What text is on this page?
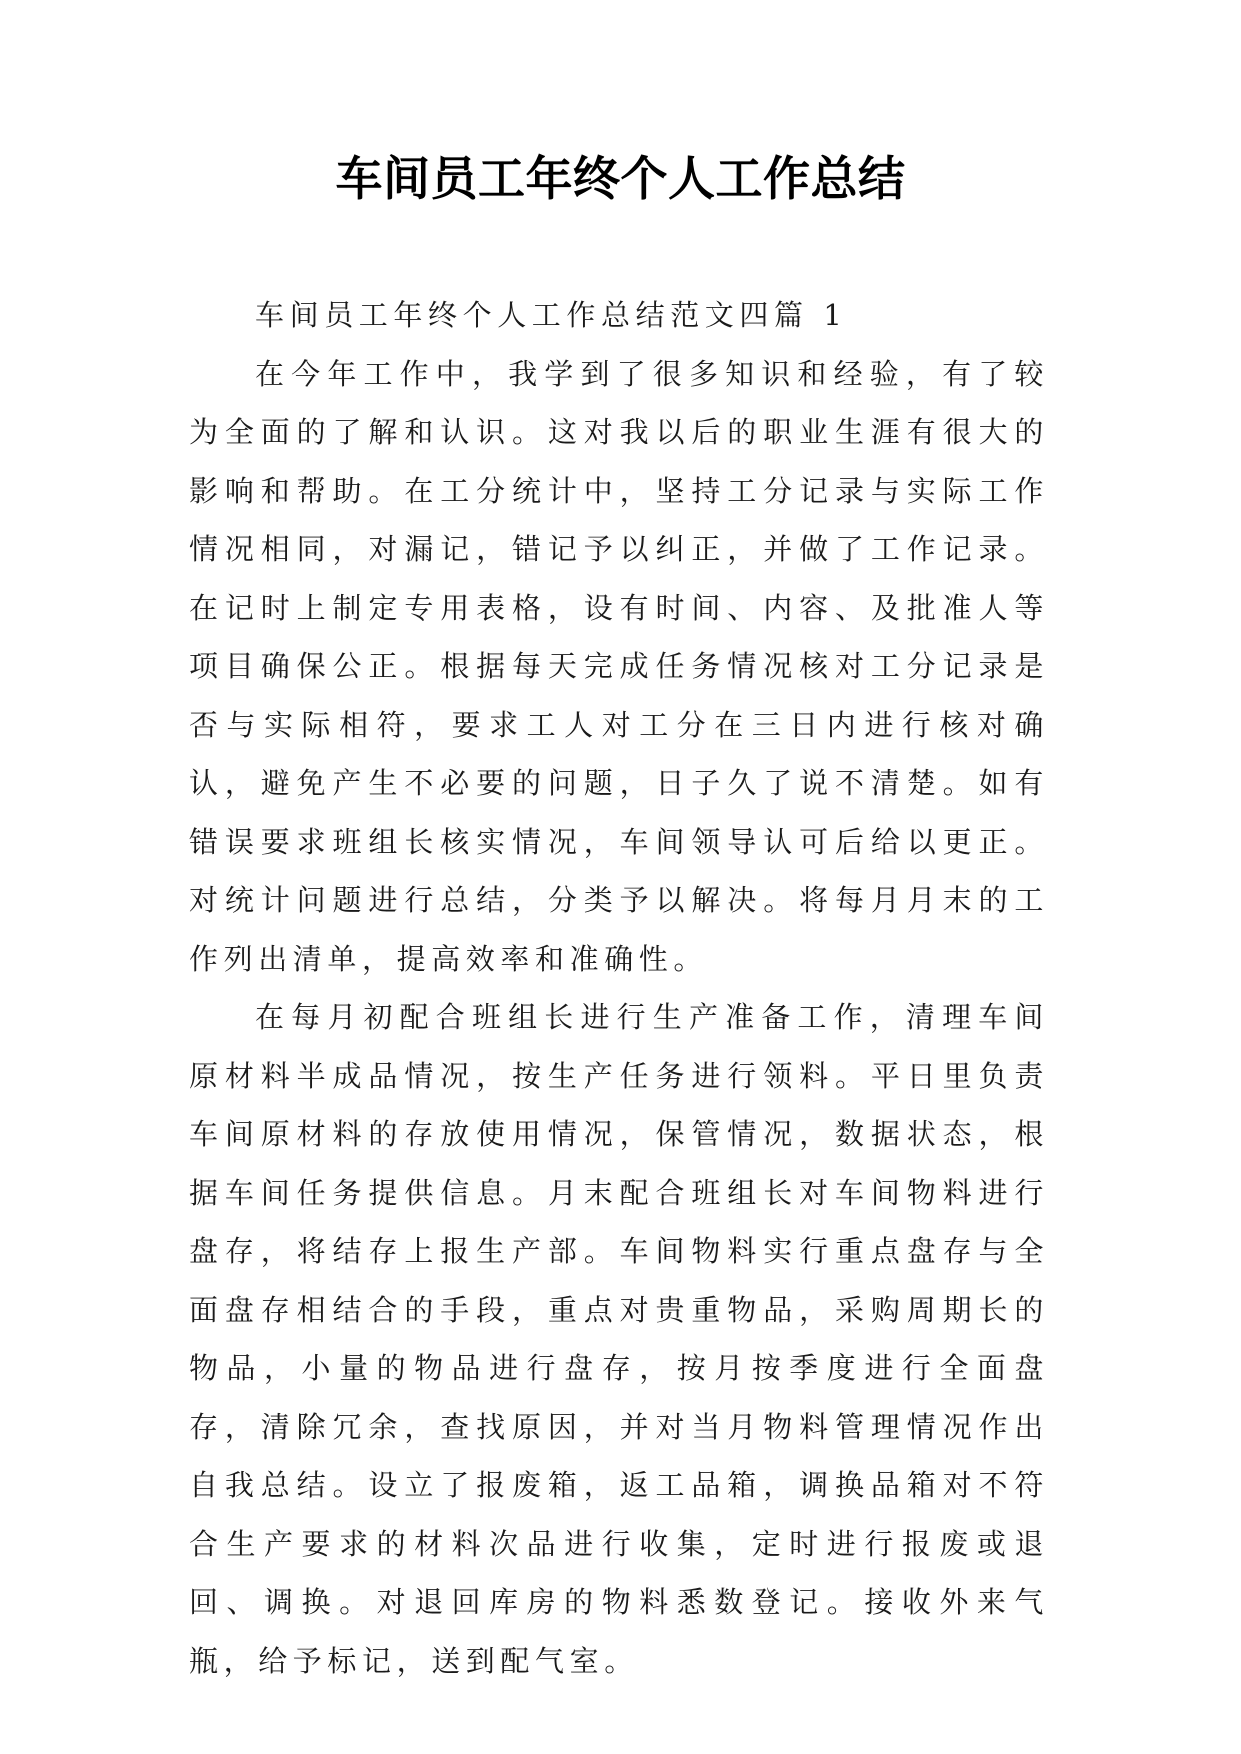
车间员工年终个人工作总结

车间员工年终个人工作总结范文四篇 1

在今年工作中，我学到了很多知识和经验，有了较为全面的了解和认识。这对我以后的职业生涯有很大的影响和帮助。在工分统计中，坚持工分记录与实际工作情况相同，对漏记，错记予以纠正，并做了工作记录。在记时上制定专用表格，设有时间、内容、及批准人等项目确保公正。根据每天完成任务情况核对工分记录是否与实际相符，要求工人对工分在三日内进行核对确认，避免产生不必要的问题，日子久了说不清楚。如有错误要求班组长核实情况，车间领导认可后给以更正。对统计问题进行总结，分类予以解决。将每月月末的工作列出清单，提高效率和准确性。

在每月初配合班组长进行生产准备工作，清理车间原材料半成品情况，按生产任务进行领料。平日里负责车间原材料的存放使用情况，保管情况，数据状态，根据车间任务提供信息。月末配合班组长对车间物料进行盘存，将结存上报生产部。车间物料实行重点盘存与全面盘存相结合的手段，重点对贵重物品，采购周期长的物品，小量的物品进行盘存，按月按季度进行全面盘存，清除冗余，查找原因，并对当月物料管理情况作出自我总结。设立了报废箱，返工品箱，调换品箱对不符合生产要求的材料次品进行收集，定时进行报废或退回、调换。对退回库房的物料悉数登记。接收外来气瓶，给予标记，送到配气室。
